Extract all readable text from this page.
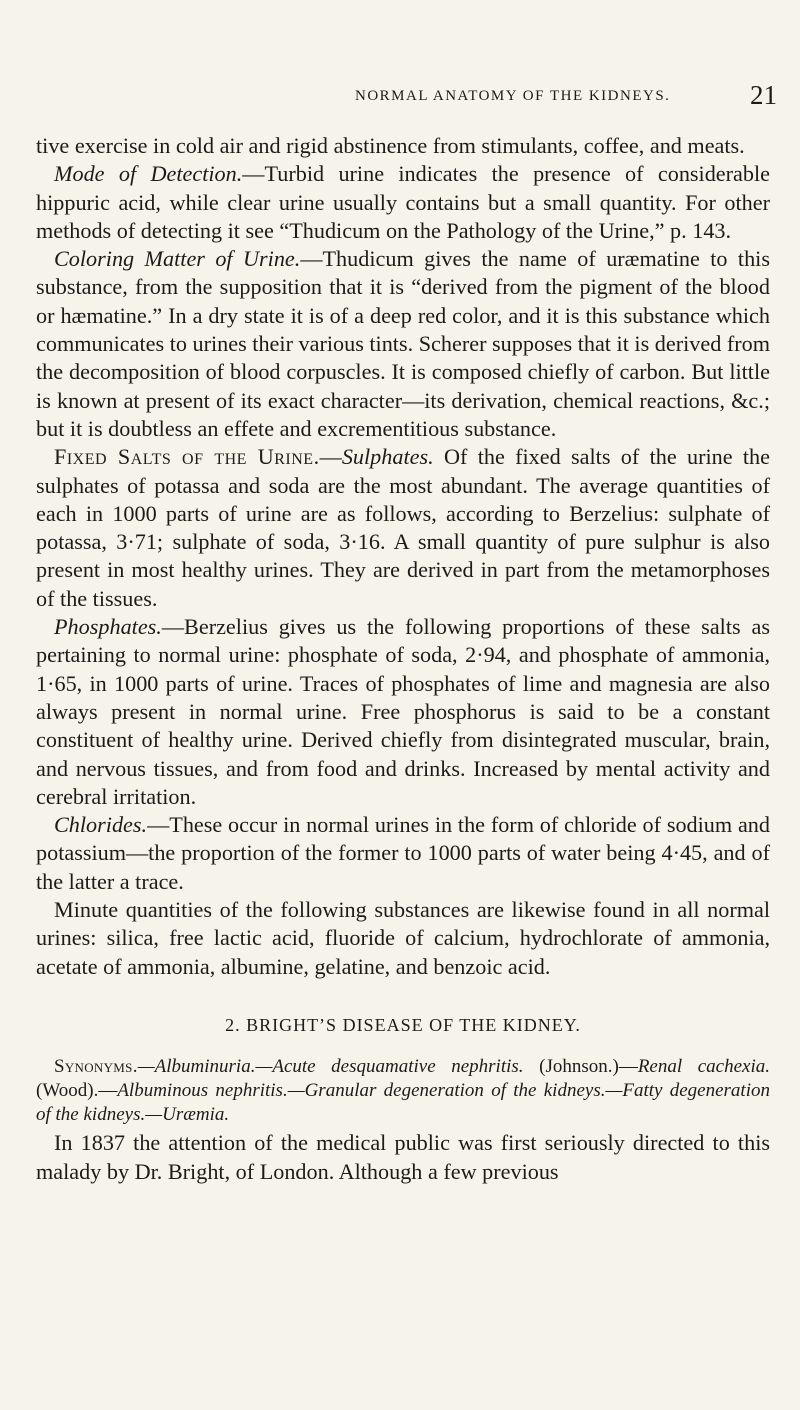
NORMAL ANATOMY OF THE KIDNEYS.	21

tive exercise in cold air and rigid abstinence from stimulants, coffee, and meats.

Mode of Detection.—Turbid urine indicates the presence of considerable hippuric acid, while clear urine usually contains but a small quantity. For other methods of detecting it see “Thudicum on the Pathology of the Urine,” p. 143.

Coloring Matter of Urine.—Thudicum gives the name of uræmatine to this substance, from the supposition that it is “derived from the pigment of the blood or hæmatine.” In a dry state it is of a deep red color, and it is this substance which communicates to urines their various tints. Scherer supposes that it is derived from the decomposition of blood corpuscles. It is composed chiefly of carbon. But little is known at present of its exact character—its derivation, chemical reactions, &c.; but it is doubtless an effete and excrementitious substance.

Fixed Salts of the Urine.—Sulphates. Of the fixed salts of the urine the sulphates of potassa and soda are the most abundant. The average quantities of each in 1000 parts of urine are as follows, according to Berzelius: sulphate of potassa, 3·71; sulphate of soda, 3·16. A small quantity of pure sulphur is also present in most healthy urines. They are derived in part from the metamorphoses of the tissues.

Phosphates.—Berzelius gives us the following proportions of these salts as pertaining to normal urine: phosphate of soda, 2·94, and phosphate of ammonia, 1·65, in 1000 parts of urine. Traces of phosphates of lime and magnesia are also always present in normal urine. Free phosphorus is said to be a constant constituent of healthy urine. Derived chiefly from disintegrated muscular, brain, and nervous tissues, and from food and drinks. Increased by mental activity and cerebral irritation.

Chlorides.—These occur in normal urines in the form of chloride of sodium and potassium—the proportion of the former to 1000 parts of water being 4·45, and of the latter a trace.

Minute quantities of the following substances are likewise found in all normal urines: silica, free lactic acid, fluoride of calcium, hydrochlorate of ammonia, acetate of ammonia, albumine, gelatine, and benzoic acid.

2. BRIGHT’S DISEASE OF THE KIDNEY.

Synonyms.—Albuminuria.—Acute desquamative nephritis. (Johnson.)—Renal cachexia. (Wood).—Albuminous nephritis.—Granular degeneration of the kidneys.—Fatty degeneration of the kidneys.—Uræmia.

In 1837 the attention of the medical public was first seriously directed to this malady by Dr. Bright, of London. Although a few previous
